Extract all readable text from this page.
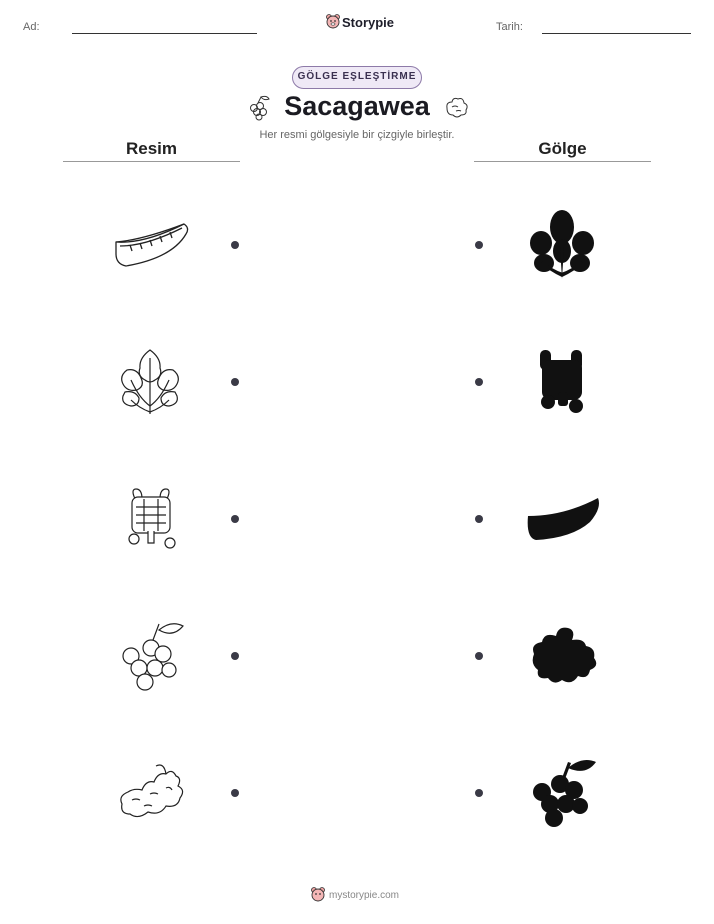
Ad:	Storypie	Tarih:
GÖLGE EŞLEŞTİRME
Sacagawea
Her resmi gölgesiyle bir çizgiyle birleştir.
Resim	Gölge
mystorypie.com
